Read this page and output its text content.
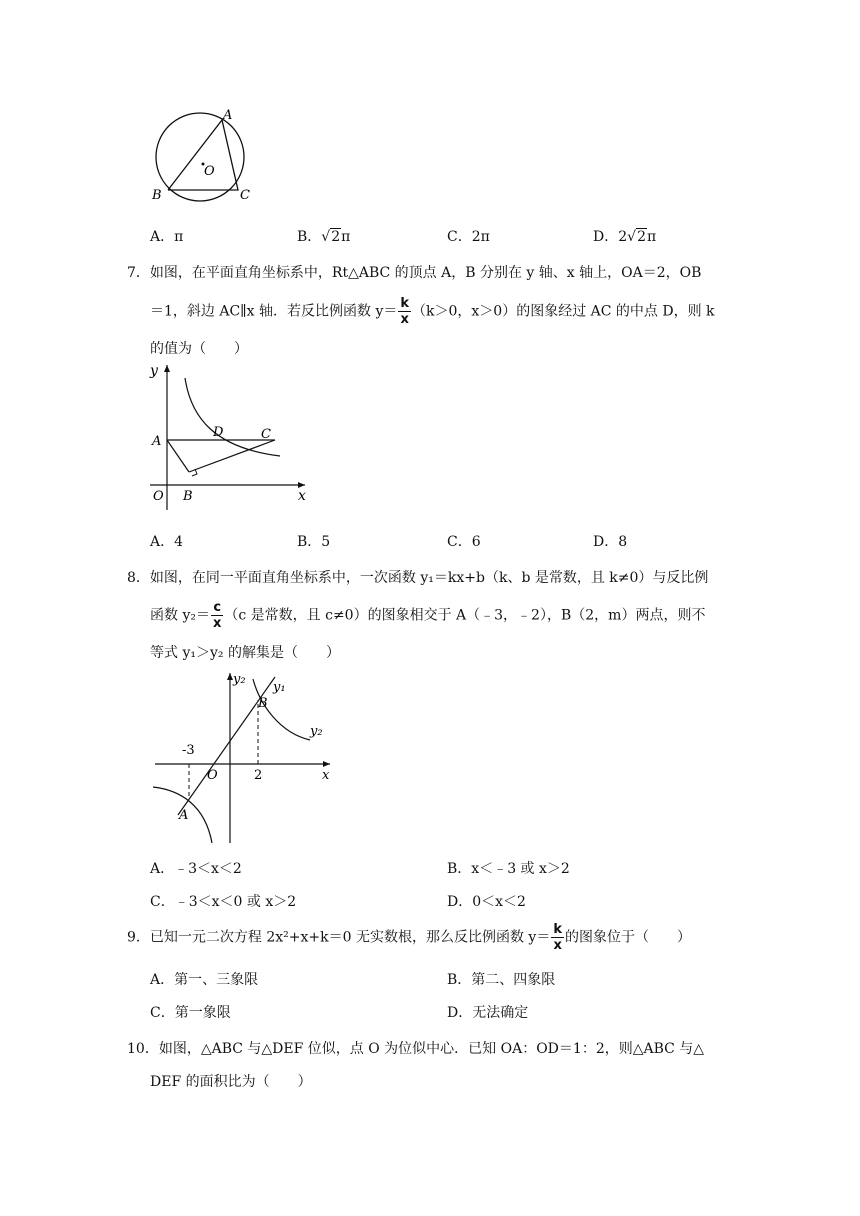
O
A
B	C
A．π	B．√2π	C．2π	D．2√2π
7．如图，在平面直角坐标系中，Rt△ABC 的顶点 A，B 分别在 y 轴、x 轴上，OA＝2，OB
＝1，斜边 AC∥x 轴．若反比例函数 $y= \frac{k}{x} (k>0$，x＞0）的图象经过 AC 的中点 D，则 k
的值为（　　）
y
A
D	C
O B	x
A．4	B．5	C．6	D．8
8．如图，在同一平面直角坐标系中，一次函数 y₁＝kx+b（k、b 是常数，且 k≠0）与反比例
函数 $y_2= \frac{c}{x} (c$ 是常数，且 c≠0）的图象相交于 A（﹣3，﹣2），B（2，m）两点，则不
等式 y₁＞y₂ 的解集是（　　）
y₂
y₁
B
y₂
-3
O	2	x
A
A．﹣3＜x＜2	B．x＜﹣3 或 x＞2
C．﹣3＜x＜0 或 x＞2	D．0＜x＜2
9．已知一元二次方程 2x²+x+k＝0 无实数根，那么反比例函数 $y= \frac{k}{x}$ 的图象位于（　　）
A．第一、三象限	B．第二、四象限
C．第一象限	D．无法确定
10．如图，△ABC 与△DEF 位似，点 O 为位似中心．已知 OA：OD＝1：2，则△ABC 与△
DEF 的面积比为（　　）
